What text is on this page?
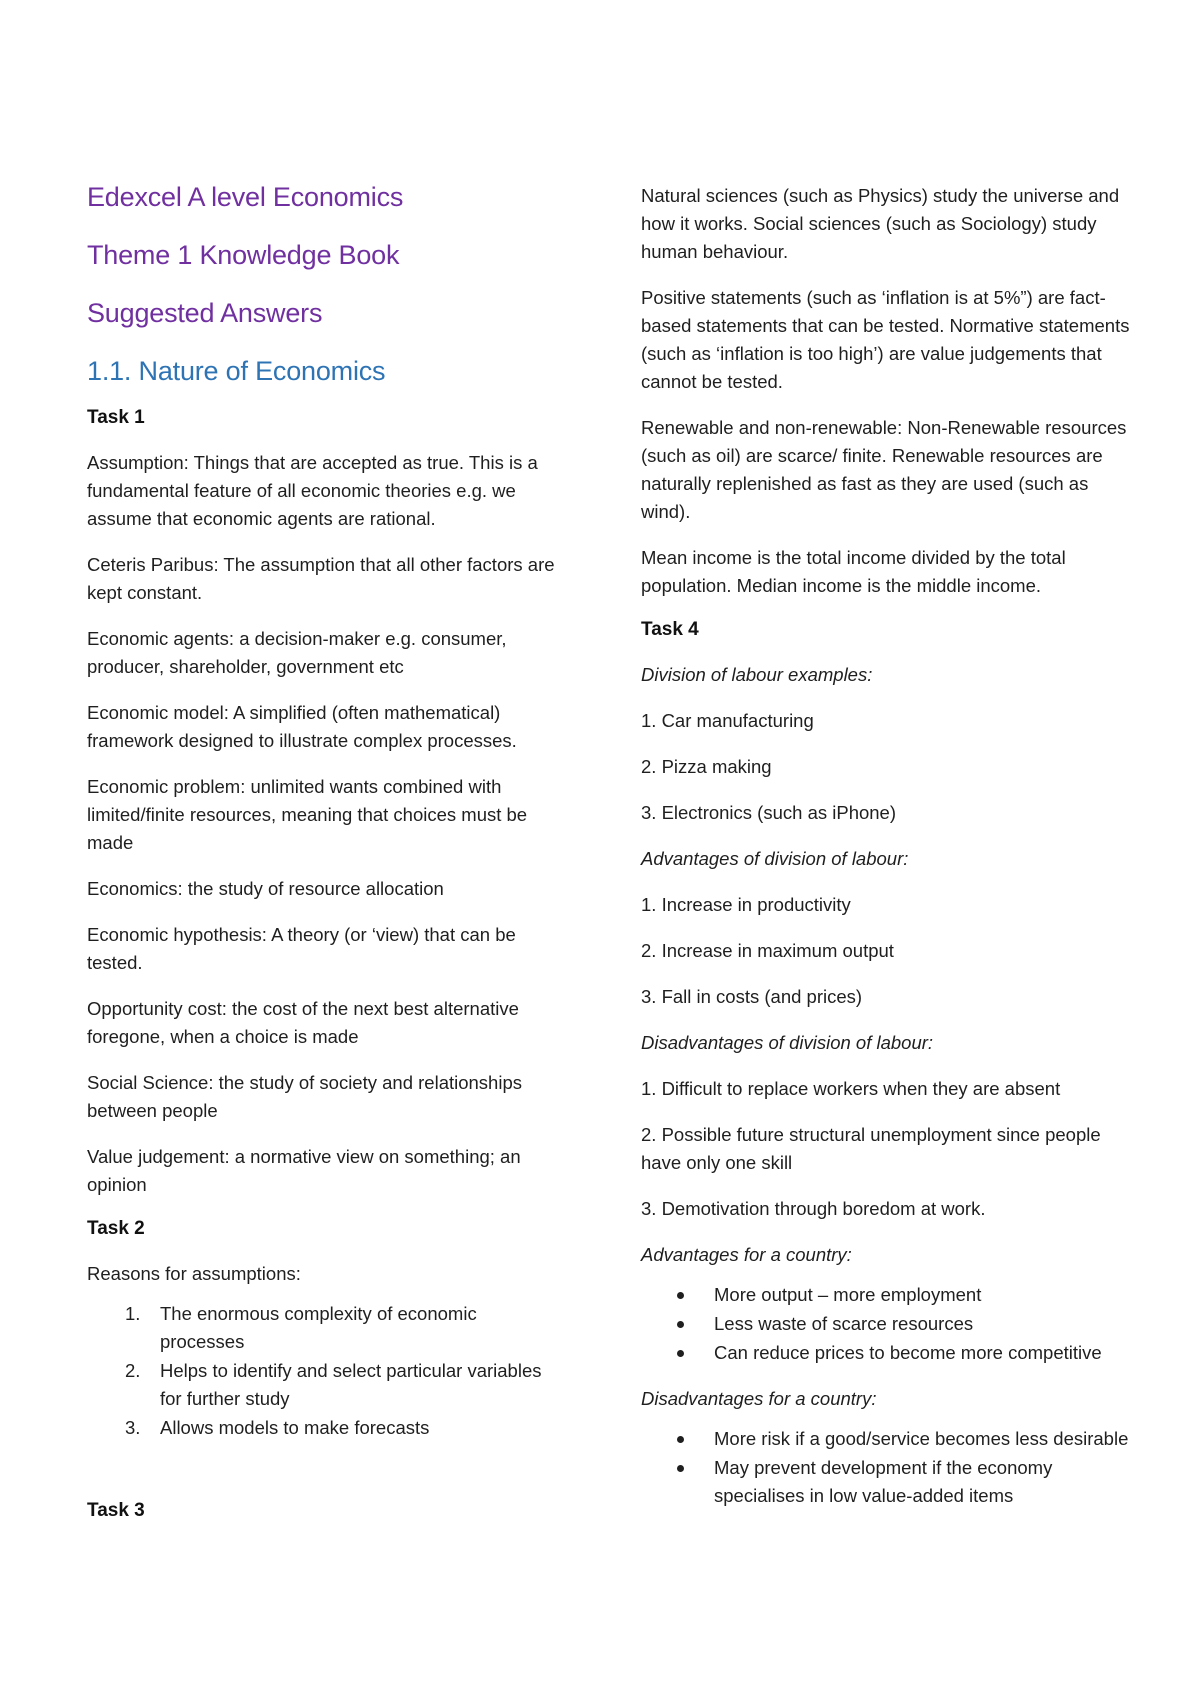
Edexcel A level Economics
Theme 1 Knowledge Book
Suggested Answers
1.1. Nature of Economics
Task 1

Assumption: Things that are accepted as true. This is a fundamental feature of all economic theories e.g. we assume that economic agents are rational.

Ceteris Paribus: The assumption that all other factors are kept constant.

Economic agents: a decision-maker e.g. consumer, producer, shareholder, government etc

Economic model: A simplified (often mathematical) framework designed to illustrate complex processes.

Economic problem: unlimited wants combined with limited/finite resources, meaning that choices must be made

Economics: the study of resource allocation

Economic hypothesis: A theory (or ‘view) that can be tested.

Opportunity cost: the cost of the next best alternative foregone, when a choice is made

Social Science: the study of society and relationships between people

Value judgement: a normative view on something; an opinion

Task 2

Reasons for assumptions:

1. The enormous complexity of economic processes
2. Helps to identify and select particular variables for further study
3. Allows models to make forecasts
Task 3

Natural sciences (such as Physics) study the universe and how it works. Social sciences (such as Sociology) study human behaviour.

Positive statements (such as ‘inflation is at 5%”) are fact-based statements that can be tested. Normative statements (such as ‘inflation is too high’) are value judgements that cannot be tested.

Renewable and non-renewable: Non-Renewable resources (such as oil) are scarce/ finite. Renewable resources are naturally replenished as fast as they are used (such as wind).

Mean income is the total income divided by the total population. Median income is the middle income.

Task 4

Division of labour examples:

1. Car manufacturing

2. Pizza making

3. Electronics (such as iPhone)

Advantages of division of labour:

1. Increase in productivity

2. Increase in maximum output

3. Fall in costs (and prices)

Disadvantages of division of labour:

1. Difficult to replace workers when they are absent

2. Possible future structural unemployment since people have only one skill

3. Demotivation through boredom at work.

Advantages for a country:

More output – more employment
Less waste of scarce resources
Can reduce prices to become more competitive

Disadvantages for a country:

More risk if a good/service becomes less desirable
May prevent development if the economy specialises in low value-added items
